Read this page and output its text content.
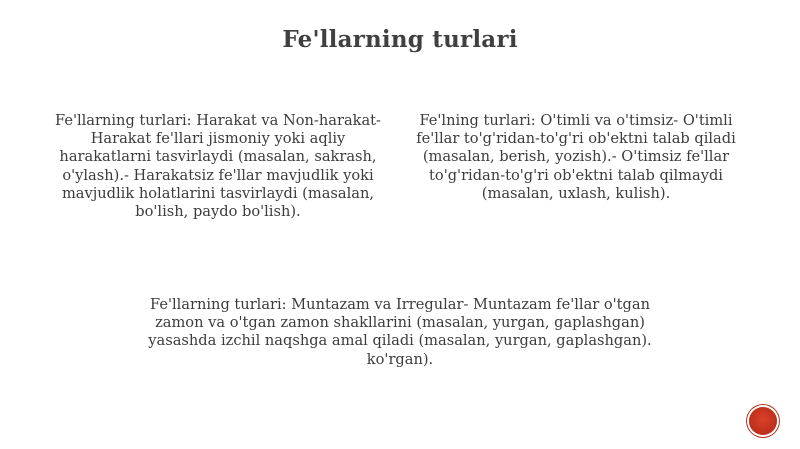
Fe'llarning turlari

Fe'llarning turlari: Harakat va Non-harakat- Harakat fe'llari jismoniy yoki aqliy harakatlarni tasvirlaydi (masalan, sakrash, o'ylash).- Harakatsiz fe'llar mavjudlik yoki mavjudlik holatlarini tasvirlaydi (masalan, bo'lish, paydo bo'lish).

Fe'lning turlari: O'timli va o'timsiz- O'timli fe'llar to'g'ridan-to'g'ri ob'ektni talab qiladi (masalan, berish, yozish).- O'timsiz fe'llar to'g'ridan-to'g'ri ob'ektni talab qilmaydi (masalan, uxlash, kulish).

Fe'llarning turlari: Muntazam va Irregular- Muntazam fe'llar o'tgan zamon va o'tgan zamon shakllarini (masalan, yurgan, gaplashgan) yasashda izchil naqshga amal qiladi (masalan, yurgan, gaplashgan). ko'rgan).
